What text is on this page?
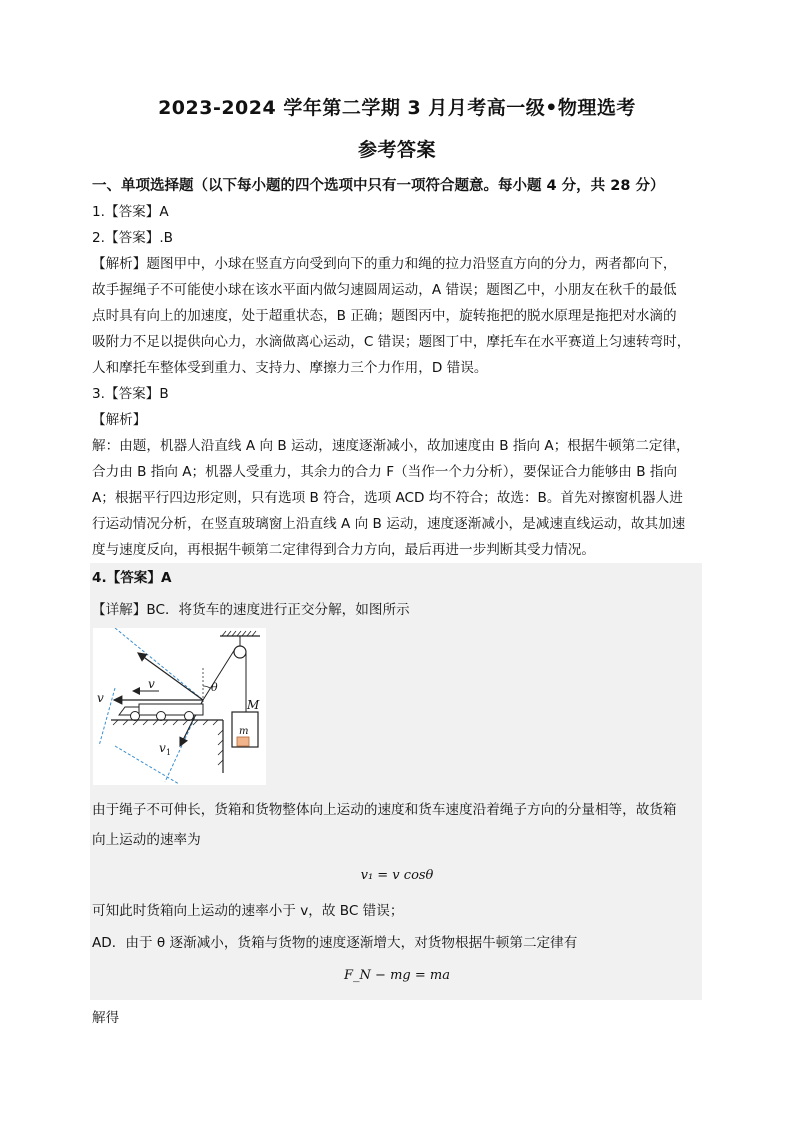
2023-2024 学年第二学期 3 月月考高一级•物理选考
参考答案
一、单项选择题（以下每小题的四个选项中只有一项符合题意。每小题 4 分，共 28 分）
1.【答案】A
2.【答案】.B
【解析】题图甲中，小球在竖直方向受到向下的重力和绳的拉力沿竖直方向的分力，两者都向下，
故手握绳子不可能使小球在该水平面内做匀速圆周运动，A 错误；题图乙中，小朋友在秋千的最低
点时具有向上的加速度，处于超重状态，B 正确；题图丙中，旋转拖把的脱水原理是拖把对水滴的
吸附力不足以提供向心力，水滴做离心运动，C 错误；题图丁中，摩托车在水平赛道上匀速转弯时，
人和摩托车整体受到重力、支持力、摩擦力三个力作用，D 错误。
3.【答案】B
【解析】
解：由题，机器人沿直线 A 向 B 运动，速度逐渐减小，故加速度由 B 指向 A；根据牛顿第二定律，
合力由 B 指向 A；机器人受重力，其余力的合力 F（当作一个力分析），要保证合力能够由 B 指向
A；根据平行四边形定则，只有选项 B 符合，选项 ACD 均不符合；故选：B。首先对擦窗机器人进
行运动情况分析，在竖直玻璃窗上沿直线 A 向 B 运动，速度逐渐减小，是减速直线运动，故其加速
度与速度反向，再根据牛顿第二定律得到合力方向，最后再进一步判断其受力情况。
4.【答案】A
【详解】BC．将货车的速度进行正交分解，如图所示
v
v
v 1
θ
M
m
由于绳子不可伸长，货箱和货物整体向上运动的速度和货车速度沿着绳子方向的分量相等，故货箱
向上运动的速率为
v₁ = v cosθ
可知此时货箱向上运动的速率小于 v，故 BC 错误；
AD．由于 θ 逐渐减小，货箱与货物的速度逐渐增大，对货物根据牛顿第二定律有
F_N − mg = ma
解得
